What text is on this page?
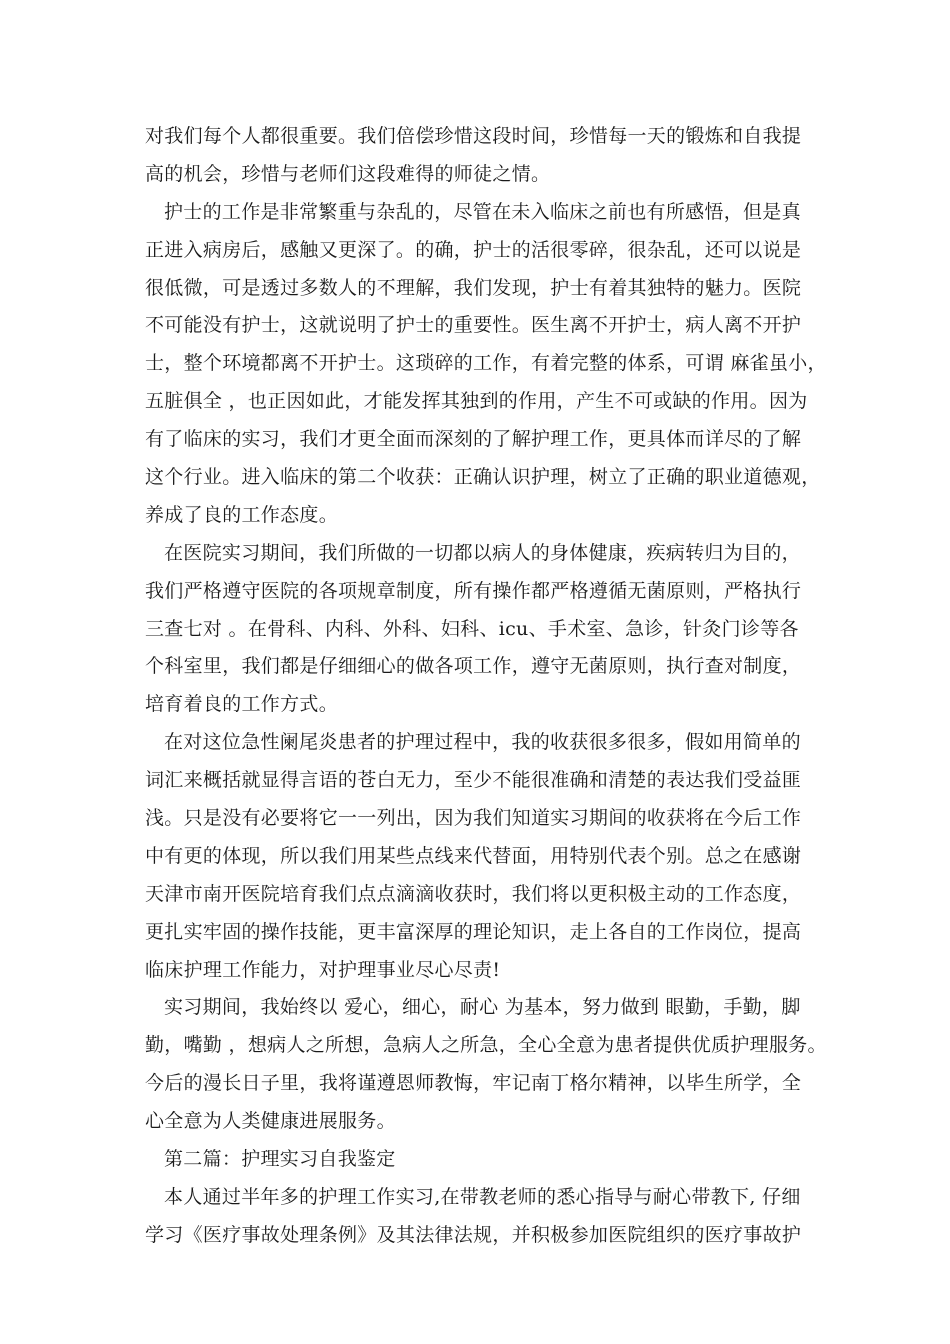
对我们每个人都很重要。我们倍偿珍惜这段时间，珍惜每一天的锻炼和自我提
高的机会，珍惜与老师们这段难得的师徒之情。
护士的工作是非常繁重与杂乱的，尽管在未入临床之前也有所感悟，但是真
正进入病房后，感触又更深了。的确，护士的活很零碎，很杂乱，还可以说是
很低微，可是透过多数人的不理解，我们发现，护士有着其独特的魅力。医院
不可能没有护士，这就说明了护士的重要性。医生离不开护士，病人离不开护
士，整个环境都离不开护士。这琐碎的工作，有着完整的体系，可谓 麻雀虽小，
五脏俱全 ，也正因如此，才能发挥其独到的作用，产生不可或缺的作用。因为
有了临床的实习，我们才更全面而深刻的了解护理工作，更具体而详尽的了解
这个行业。进入临床的第二个收获：正确认识护理，树立了正确的职业道德观，
养成了良的工作态度。
在医院实习期间，我们所做的一切都以病人的身体健康，疾病转归为目的，
我们严格遵守医院的各项规章制度，所有操作都严格遵循无菌原则，严格执行
三查七对 。在骨科、内科、外科、妇科、icu、手术室、急诊，针灸门诊等各
个科室里，我们都是仔细细心的做各项工作，遵守无菌原则，执行查对制度，
培育着良的工作方式。
在对这位急性阑尾炎患者的护理过程中，我的收获很多很多，假如用简单的
词汇来概括就显得言语的苍白无力，至少不能很准确和清楚的表达我们受益匪
浅。只是没有必要将它一一列出，因为我们知道实习期间的收获将在今后工作
中有更的体现，所以我们用某些点线来代替面，用特别代表个别。总之在感谢
天津市南开医院培育我们点点滴滴收获时，我们将以更积极主动的工作态度，
更扎实牢固的操作技能，更丰富深厚的理论知识，走上各自的工作岗位，提高
临床护理工作能力，对护理事业尽心尽责!
实习期间，我始终以 爱心，细心，耐心 为基本，努力做到 眼勤，手勤，脚
勤，嘴勤 ，想病人之所想，急病人之所急，全心全意为患者提供优质护理服务。
今后的漫长日子里，我将谨遵恩师教悔，牢记南丁格尔精神，以毕生所学，全
心全意为人类健康进展服务。
第二篇：护理实习自我鉴定
本人通过半年多的护理工作实习,在带教老师的悉心指导与耐心带教下, 仔细
学习《医疗事故处理条例》及其法律法规，并积极参加医院组织的医疗事故护
